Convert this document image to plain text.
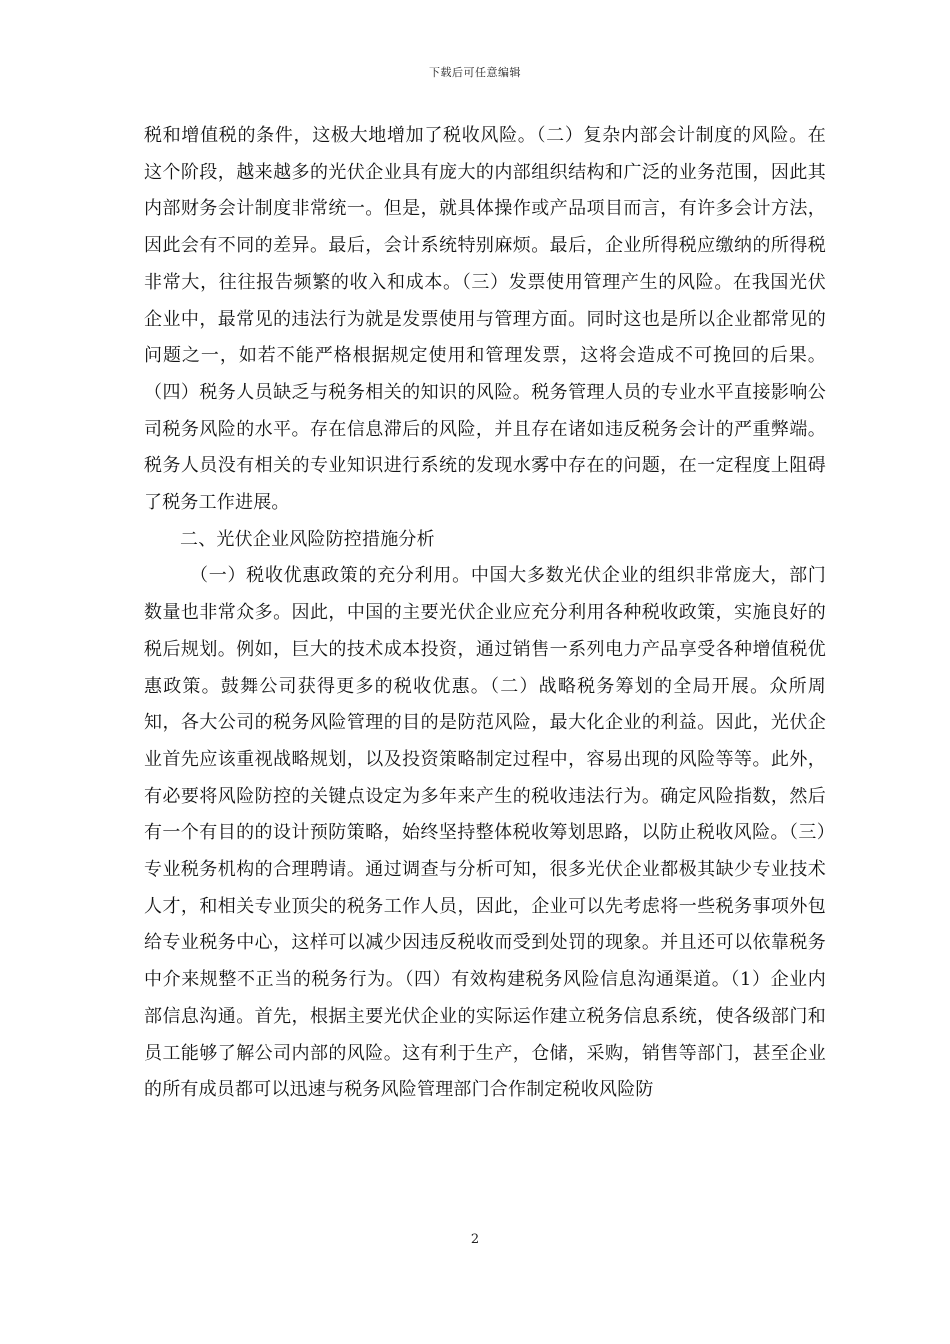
下载后可任意编辑

税和增值税的条件，这极大地增加了税收风险。（二）复杂内部会计制度的风险。在这个阶段，越来越多的光伏企业具有庞大的内部组织结构和广泛的业务范围，因此其内部财务会计制度非常统一。但是，就具体操作或产品项目而言，有许多会计方法，因此会有不同的差异。最后，会计系统特别麻烦。最后，企业所得税应缴纳的所得税非常大，往往报告频繁的收入和成本。（三）发票使用管理产生的风险。在我国光伏企业中，最常见的违法行为就是发票使用与管理方面。同时这也是所以企业都常见的问题之一，如若不能严格根据规定使用和管理发票，这将会造成不可挽回的后果。（四）税务人员缺乏与税务相关的知识的风险。税务管理人员的专业水平直接影响公司税务风险的水平。存在信息滞后的风险，并且存在诸如违反税务会计的严重弊端。税务人员没有相关的专业知识进行系统的发现水雾中存在的问题，在一定程度上阻碍了税务工作进展。

二、光伏企业风险防控措施分析

（一）税收优惠政策的充分利用。中国大多数光伏企业的组织非常庞大，部门数量也非常众多。因此，中国的主要光伏企业应充分利用各种税收政策，实施良好的税后规划。例如，巨大的技术成本投资，通过销售一系列电力产品享受各种增值税优惠政策。鼓舞公司获得更多的税收优惠。（二）战略税务筹划的全局开展。众所周知，各大公司的税务风险管理的目的是防范风险，最大化企业的利益。因此，光伏企业首先应该重视战略规划，以及投资策略制定过程中，容易出现的风险等等。此外，有必要将风险防控的关键点设定为多年来产生的税收违法行为。确定风险指数，然后有一个有目的的设计预防策略，始终坚持整体税收筹划思路，以防止税收风险。（三）专业税务机构的合理聘请。通过调查与分析可知，很多光伏企业都极其缺少专业技术人才，和相关专业顶尖的税务工作人员，因此，企业可以先考虑将一些税务事项外包给专业税务中心，这样可以减少因违反税收而受到处罚的现象。并且还可以依靠税务中介来规整不正当的税务行为。（四）有效构建税务风险信息沟通渠道。（1）企业内部信息沟通。首先，根据主要光伏企业的实际运作建立税务信息系统，使各级部门和员工能够了解公司内部的风险。这有利于生产，仓储，采购，销售等部门，甚至企业的所有成员都可以迅速与税务风险管理部门合作制定税收风险防

2
